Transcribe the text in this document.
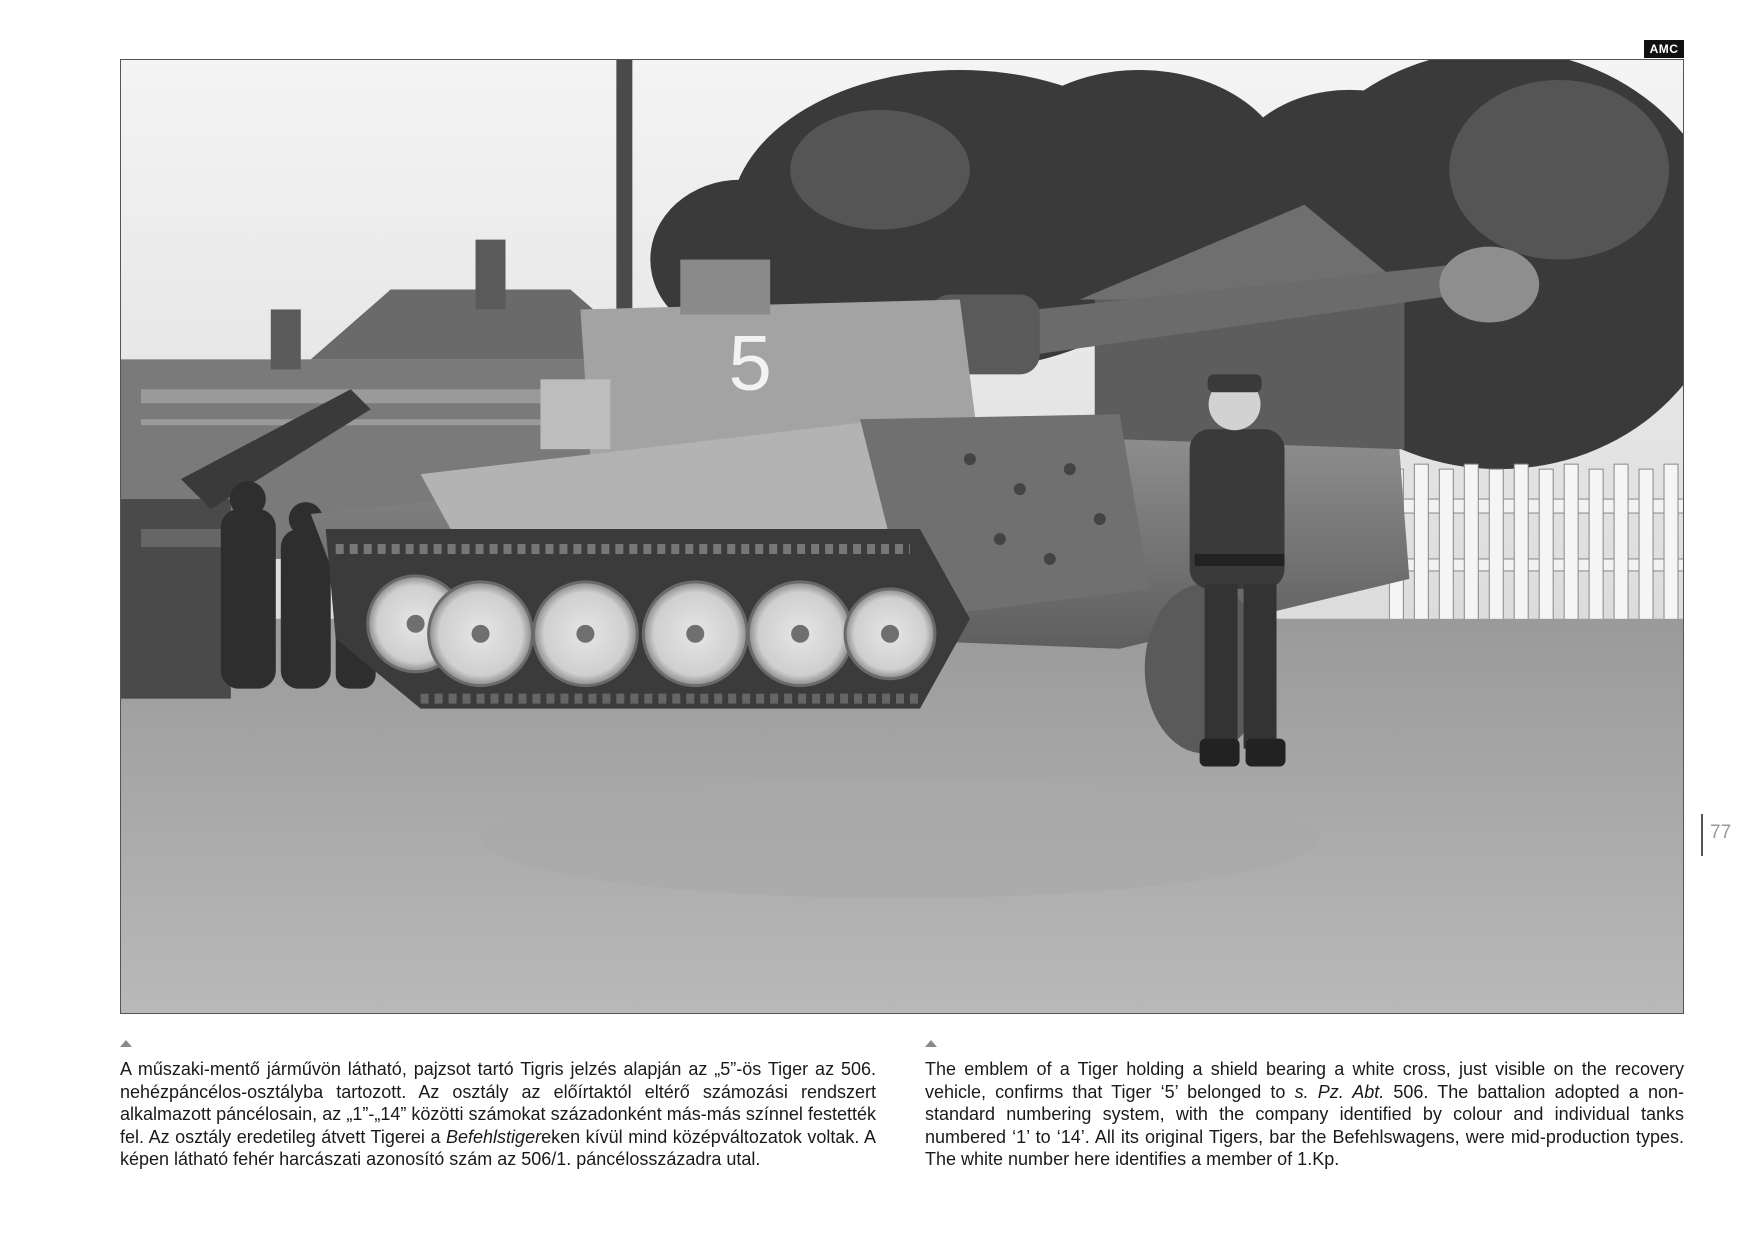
AMC
5
77

A műszaki-mentő járművön látható, pajzsot tartó Tigris jelzés alapján az „5”-ös Tiger az 506. nehézpáncélos-osztályba tartozott. Az osztály az előírtaktól eltérő számozási rendszert alkalmazott páncélosain, az „1”-„14” közötti számokat századonként más-más színnel festették fel. Az osztály eredetileg átvett Tigerei a Befehlstigereken kívül mind középváltozatok voltak. A képen látható fehér harcászati azonosító szám az 506/1. páncélosszázadra utal.

The emblem of a Tiger holding a shield bearing a white cross, just visible on the recovery vehicle, confirms that Tiger ‘5’ belonged to s. Pz. Abt. 506. The battalion adopted a non-standard numbering system, with the company identified by colour and individual tanks numbered ‘1’ to ‘14’. All its original Tigers, bar the Befehlswagens, were mid-production types. The white number here identifies a member of 1.Kp.
